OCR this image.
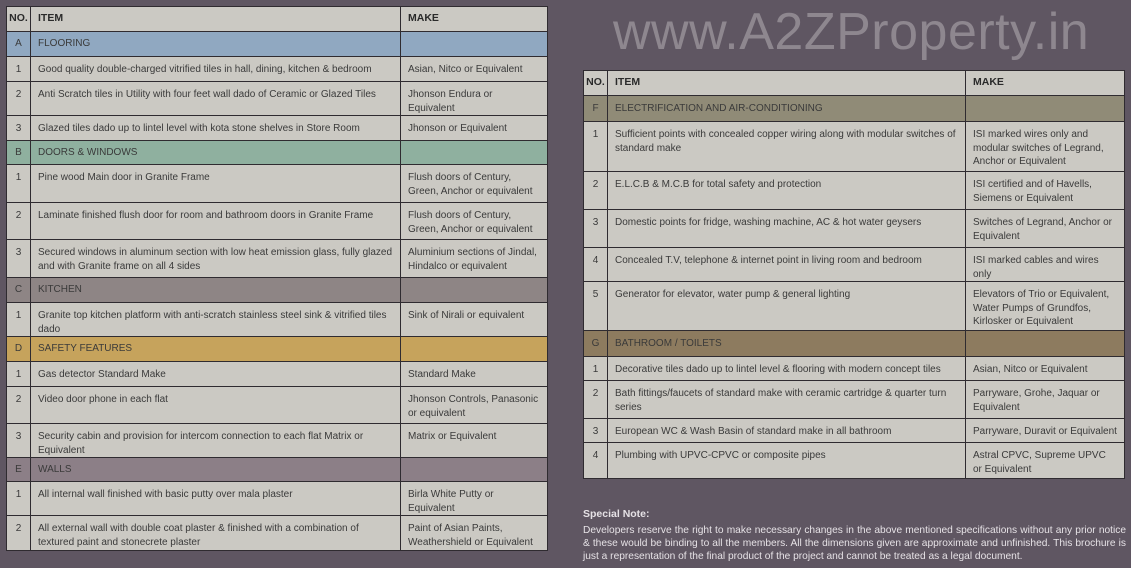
www.A2ZProperty.in
NO.	ITEM	MAKE
A	FLOORING	
1	Good quality double-charged vitrified tiles in hall, dining, kitchen & bedroom	Asian, Nitco or Equivalent
2	Anti Scratch tiles in Utility with four feet wall dado of Ceramic or Glazed Tiles	Jhonson Endura or Equivalent
3	Glazed tiles dado up to lintel level with kota stone shelves in Store Room	Jhonson or Equivalent
B	DOORS & WINDOWS	
1	Pine wood Main door in Granite Frame	Flush doors of Century, Green, Anchor or equivalent
2	Laminate finished flush door for room and bathroom doors in Granite Frame	Flush doors of Century, Green, Anchor or equivalent
3	Secured windows in aluminum section with low heat emission glass, fully glazed and with Granite frame on all 4 sides	Aluminium sections of Jindal, Hindalco or equivalent
C	KITCHEN	
1	Granite top kitchen platform with anti-scratch stainless steel sink & vitrified tiles dado	Sink of Nirali or equivalent
D	SAFETY FEATURES	
1	Gas detector Standard Make	Standard Make
2	Video door phone in each flat	Jhonson Controls, Panasonic or equivalent
3	Security cabin and provision for intercom connection to each flat Matrix or Equivalent	Matrix or Equivalent
E	WALLS	
1	All internal wall finished with basic putty over mala plaster	Birla White Putty or Equivalent
2	All external wall with double coat plaster & finished with a combination of textured paint and stonecrete plaster	Paint of Asian Paints, Weathershield or Equivalent
NO.	ITEM	MAKE
F	ELECTRIFICATION AND AIR-CONDITIONING	
1	Sufficient points with concealed copper wiring along with modular switches of standard make	ISI marked wires only and modular switches of Legrand, Anchor or Equivalent
2	E.L.C.B & M.C.B for total safety and protection	ISI certified and of Havells, Siemens or Equivalent
3	Domestic points for fridge, washing machine, AC & hot water geysers	Switches of Legrand, Anchor or Equivalent
4	Concealed T.V, telephone & internet point in living room and bedroom	ISI marked cables and wires only
5	Generator for elevator, water pump & general lighting	Elevators of Trio or Equivalent, Water Pumps of Grundfos, Kirlosker or Equivalent
G	BATHROOM / TOILETS	
1	Decorative tiles dado up to lintel level & flooring with modern concept tiles	Asian, Nitco or Equivalent
2	Bath fittings/faucets of standard make with ceramic cartridge & quarter turn series	Parryware, Grohe, Jaquar or Equivalent
3	European WC & Wash Basin of standard make in all bathroom	Parryware, Duravit or Equivalent
4	Plumbing with UPVC-CPVC or composite pipes	Astral CPVC, Supreme UPVC or Equivalent
Special Note:
Developers reserve the right to make necessary changes in the above mentioned specifications without any prior notice & these would be binding to all the members. All the dimensions given are approximate and unfinished. This brochure is just a representation of the final product of the project and cannot be treated as a legal document.
